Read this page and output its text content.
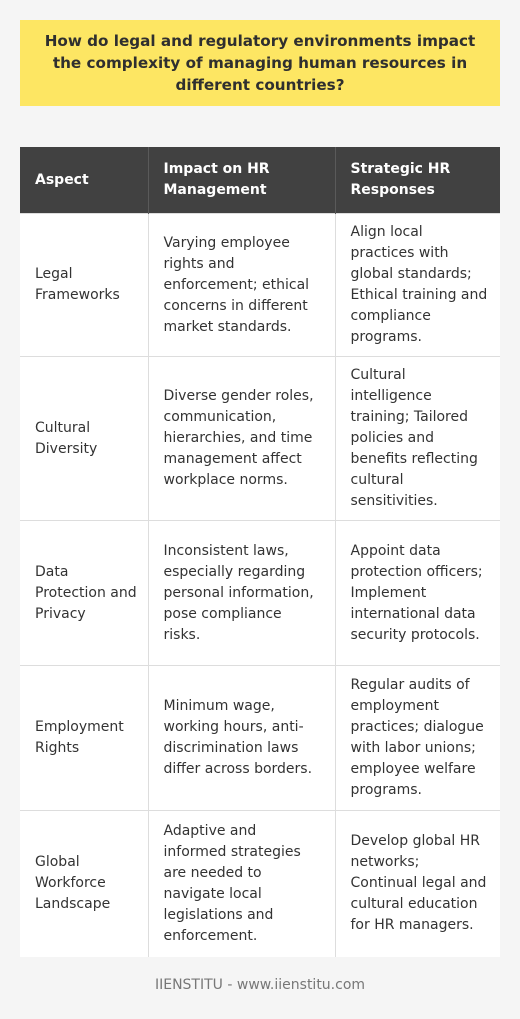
How do legal and regulatory environments impact the complexity of managing human resources in different countries?
Aspect	Impact on HR Management	Strategic HR Responses
Legal Frameworks	Varying employee rights and enforcement; ethical concerns in different market standards.	Align local practices with global standards; Ethical training and compliance programs.
Cultural Diversity	Diverse gender roles, communication, hierarchies, and time management affect workplace norms.	Cultural intelligence training; Tailored policies and benefits reflecting cultural sensitivities.
Data Protection and Privacy	Inconsistent laws, especially regarding personal information, pose compliance risks.	Appoint data protection officers; Implement international data security protocols.
Employment Rights	Minimum wage, working hours, anti-discrimination laws differ across borders.	Regular audits of employment practices; dialogue with labor unions; employee welfare programs.
Global Workforce Landscape	Adaptive and informed strategies are needed to navigate local legislations and enforcement.	Develop global HR networks; Continual legal and cultural education for HR managers.
IIENSTITU - www.iienstitu.com
